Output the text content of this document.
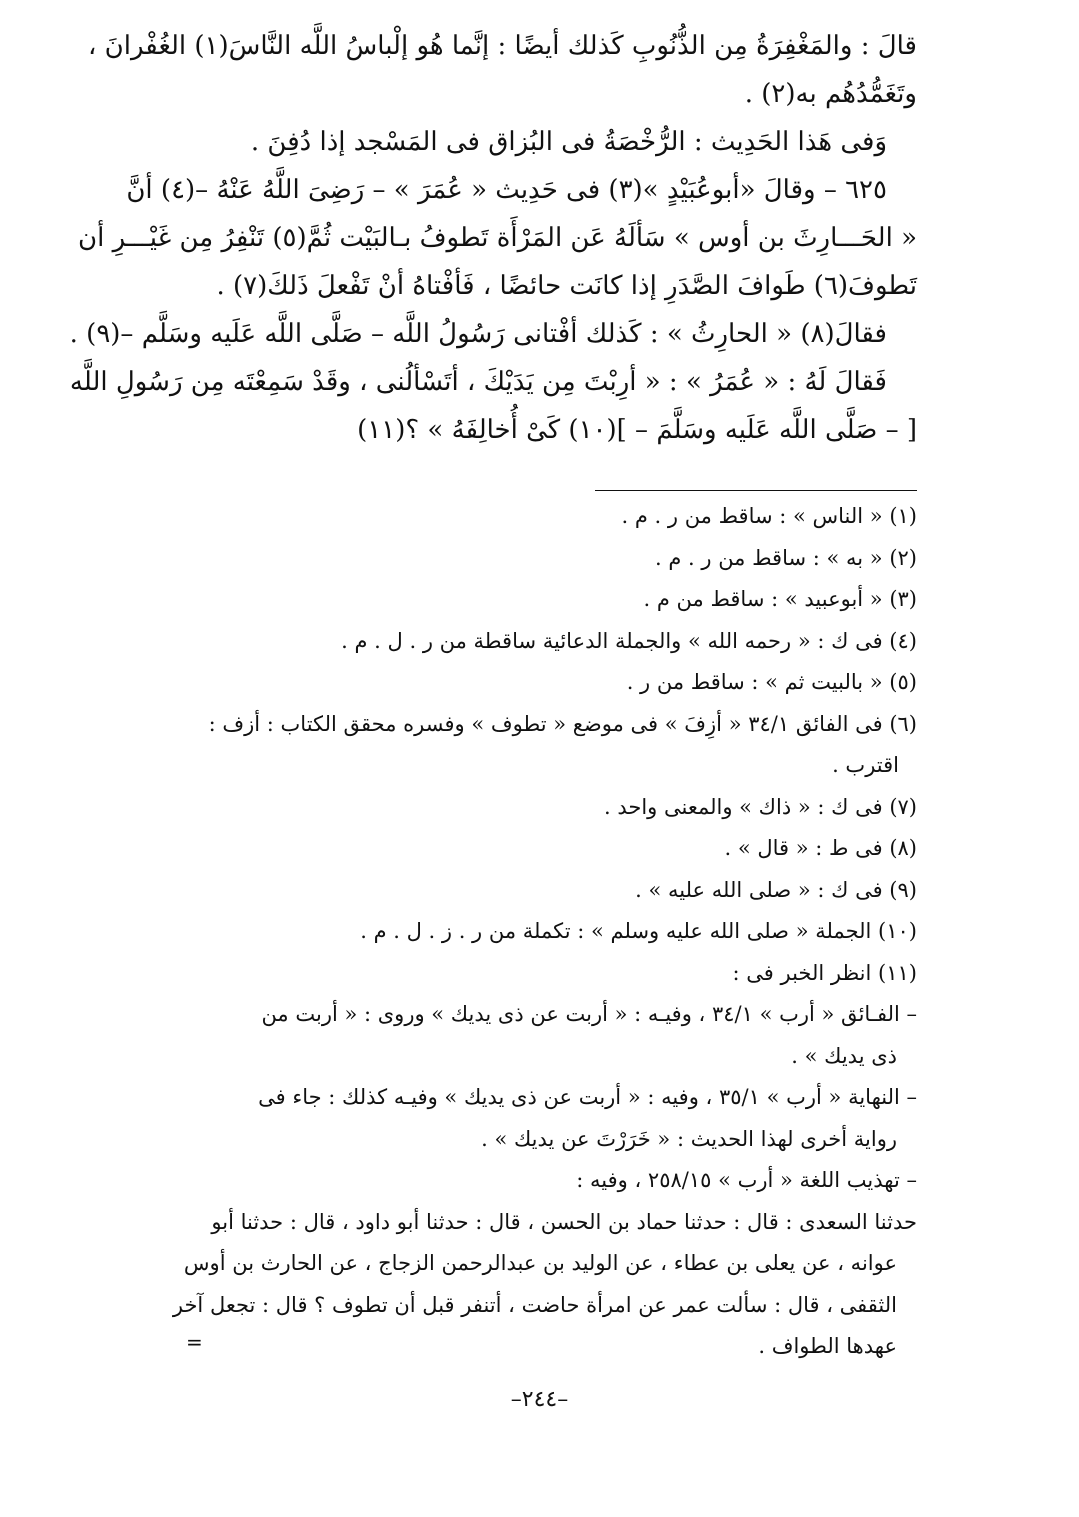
قالَ : والمَغْفِرَةُ مِن الذُّنُوبِ كَذلك أيضًا : إنَّما هُو إلْباسُ اللَّه النَّاسَ(١) الغُفْرانَ ،

وتَغَمُّدُهُم به(٢) .

وَفى هَذا الحَدِيث : الرُّخْصَةُ فى البُزاق فى المَسْجد إذا دُفِنَ .

٦٢٥ – وقالَ «أبوعُبَيْدٍ »(٣) فى حَدِيث « عُمَرَ » – رَضِىَ اللَّهُ عَنْهُ –(٤) أنَّ

« الحَـــارِثَ بن أوس » سَألَهُ عَن المَرْأَة تَطوفُ بـالبَيْت ثُمَّ(٥) تَنْفِرُ مِن غَيْـــرِ أن

تَطوفَ(٦) طَوافَ الصَّدَرِ إذا كانَت حائضًا ، فَأفْتاهُ أنْ تَفْعلَ ذَلكَ(٧) .

فقالَ(٨) « الحارِثُ » : كَذلك أفْتانى رَسُولُ اللَّه – صَلَّى اللَّه عَلَيه وسَلَّم –(٩) .

فَقالَ لَهُ : « عُمَرُ » : « أرِبْتَ مِن يَدَيْكَ ، أتَسْألُنى ، وقَدْ سَمِعْتَه مِن رَسُولِ اللَّه

[ – صَلَّى اللَّه عَلَيه وسَلَّمَ – ](١٠) كَىْ أُخالِفَهُ » ؟(١١)

(١) « الناس » : ساقط من ر . م .

(٢) « به » : ساقط من ر . م .

(٣) « أبوعبيد » : ساقط من م .

(٤) فى ك : « رحمه الله » والجملة الدعائية ساقطة من ر . ل . م .

(٥) « بالبيت ثم » : ساقط من ر .

(٦) فى الفائق ٣٤/١ « أزِفَ » فى موضع « تطوف » وفسره محقق الكتاب : أزف :

اقترب .

(٧) فى ك : « ذاك » والمعنى واحد .

(٨) فى ط : « قال » .

(٩) فى ك : « صلى الله عليه » .

(١٠) الجملة « صلى الله عليه وسلم » : تكملة من ر . ز . ل . م .

(١١) انظر الخبر فى :

– الفـائق « أرب » ٣٤/١ ، وفيـه : « أربت عن ذى يديك » وروى : « أربت من

ذى يديك » .

– النهاية « أرب » ٣٥/١ ، وفيه : « أربت عن ذى يديك » وفيـه كذلك : جاء فى

رواية أخرى لهذا الحديث : « خَرَرْتَ عن يديك » .

– تهذيب اللغة « أرب » ٢٥٨/١٥ ، وفيه :

حدثنا السعدى : قال : حدثنا حماد بن الحسن ، قال : حدثنا أبو داود ، قال : حدثنا أبو

عوانه ، عن يعلى بن عطاء ، عن الوليد بن عبدالرحمن الزجاج ، عن الحارث بن أوس

الثقفى ، قال : سألت عمر عن امرأة حاضت ، أتنفر قبل أن تطوف ؟ قال : تجعل آخر

عهدها الطواف .

=
–٢٤٤–
